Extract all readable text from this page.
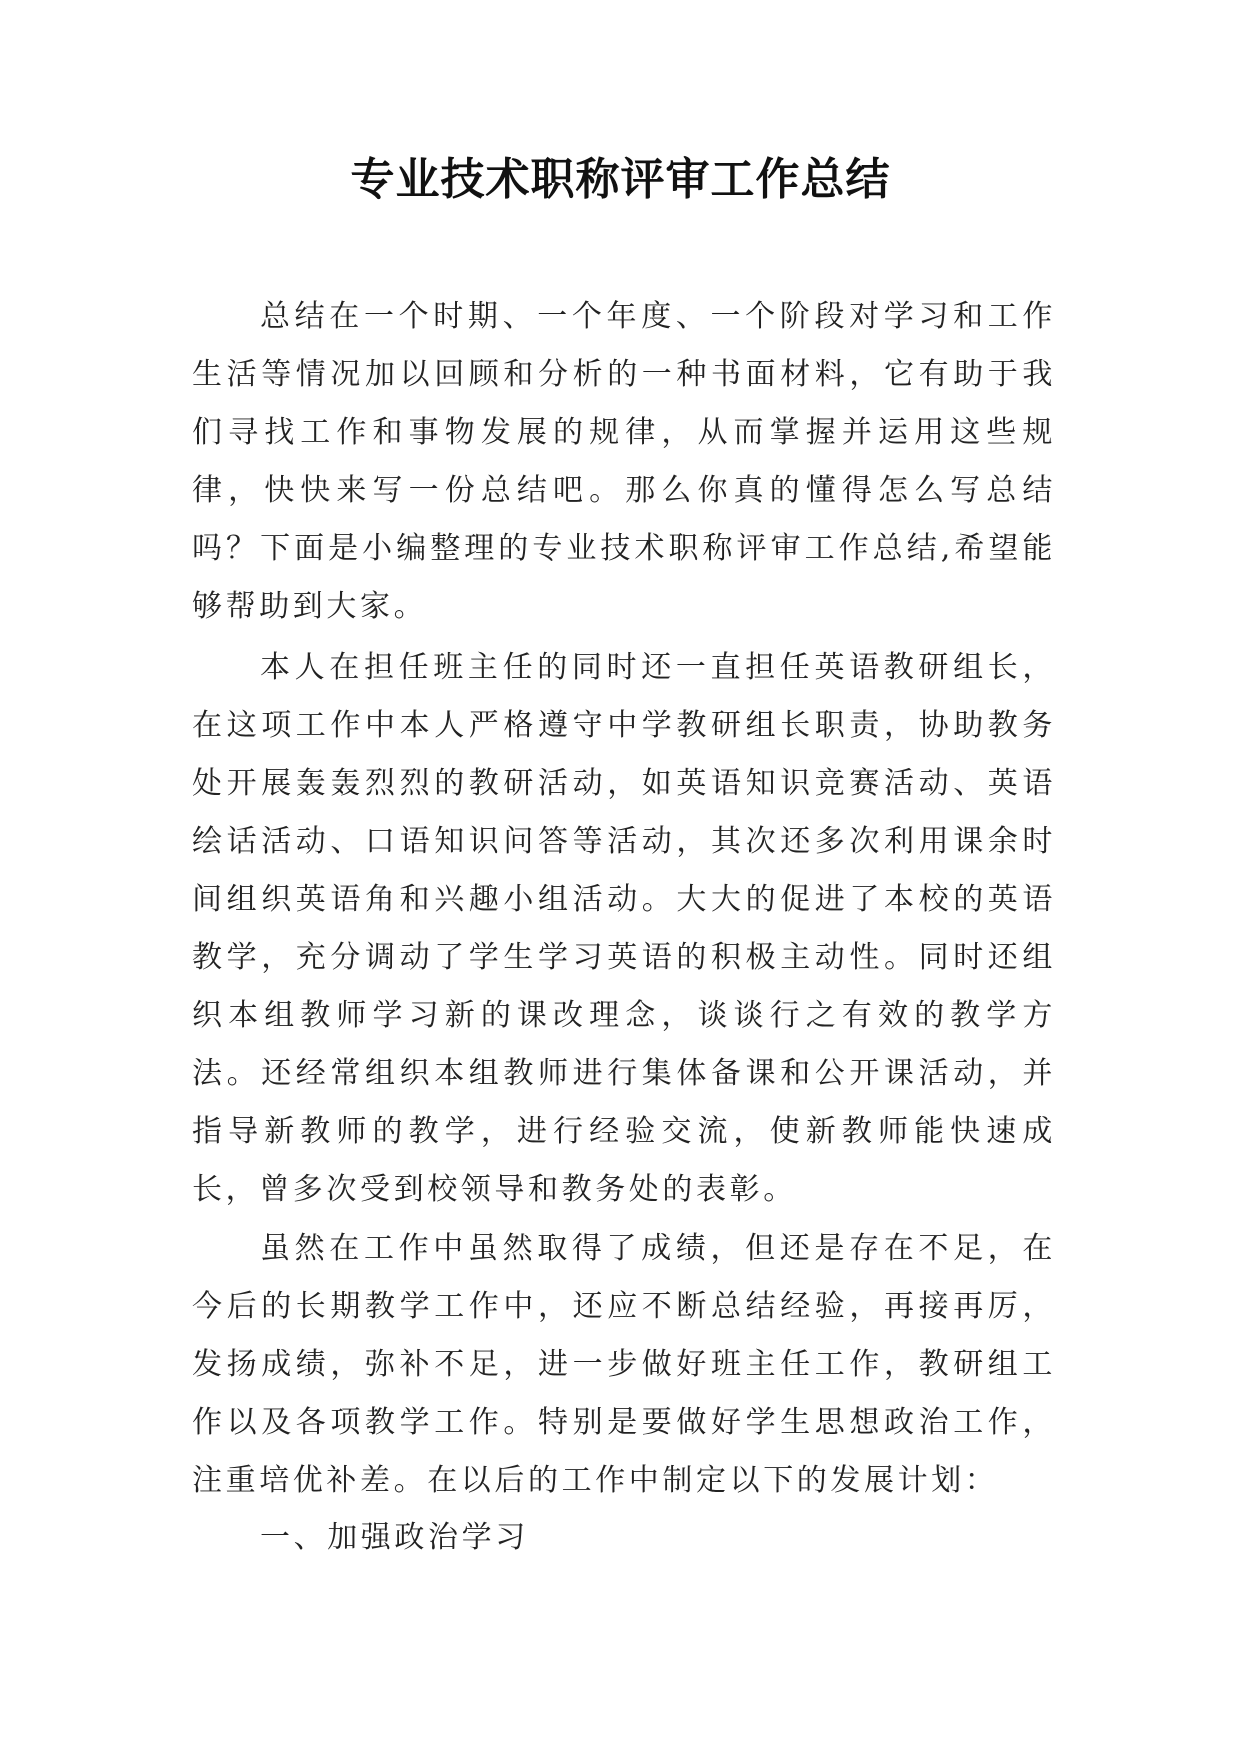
专业技术职称评审工作总结

总结在一个时期、一个年度、一个阶段对学习和工作生活等情况加以回顾和分析的一种书面材料，它有助于我们寻找工作和事物发展的规律，从而掌握并运用这些规律，快快来写一份总结吧。那么你真的懂得怎么写总结吗？下面是小编整理的专业技术职称评审工作总结,希望能够帮助到大家。

本人在担任班主任的同时还一直担任英语教研组长，在这项工作中本人严格遵守中学教研组长职责，协助教务处开展轰轰烈烈的教研活动，如英语知识竞赛活动、英语绘话活动、口语知识问答等活动，其次还多次利用课余时间组织英语角和兴趣小组活动。大大的促进了本校的英语教学，充分调动了学生学习英语的积极主动性。同时还组织本组教师学习新的课改理念，谈谈行之有效的教学方法。还经常组织本组教师进行集体备课和公开课活动，并指导新教师的教学，进行经验交流，使新教师能快速成长，曾多次受到校领导和教务处的表彰。

虽然在工作中虽然取得了成绩，但还是存在不足，在今后的长期教学工作中，还应不断总结经验，再接再厉，发扬成绩，弥补不足，进一步做好班主任工作，教研组工作以及各项教学工作。特别是要做好学生思想政治工作，注重培优补差。在以后的工作中制定以下的发展计划：

一、加强政治学习
